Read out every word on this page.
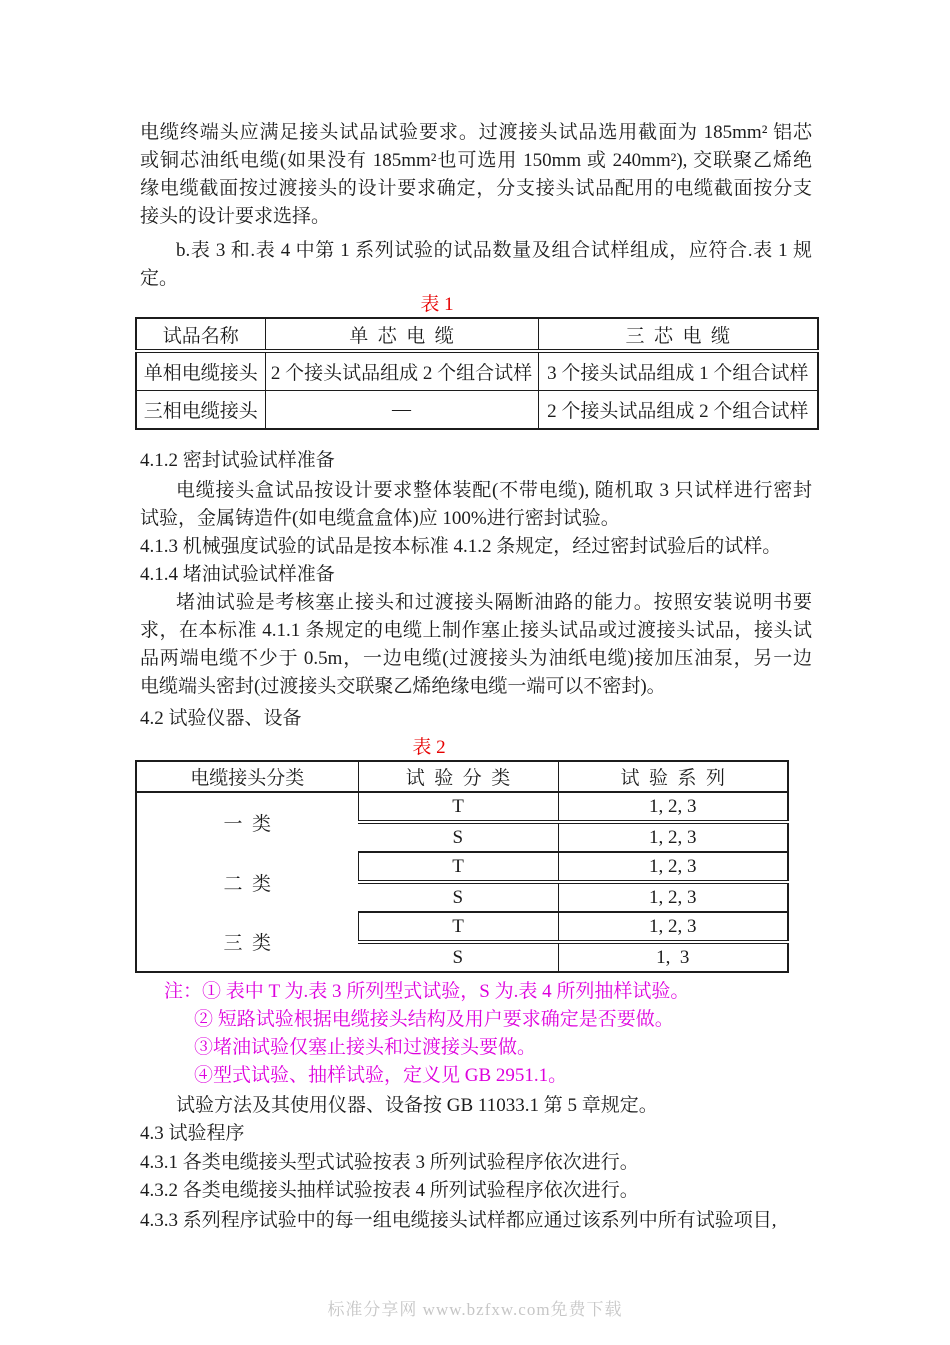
电缆终端头应满足接头试品试验要求。过渡接头试品选用截面为 185mm² 铝芯
或铜芯油纸电缆(如果没有 185mm²也可选用 150mm 或 240mm²), 交联聚乙烯绝
缘电缆截面按过渡接头的设计要求确定，分支接头试品配用的电缆截面按分支
接头的设计要求选择。
b.表 3 和.表 4 中第 1 系列试验的试品数量及组合试样组成，应符合.表 1 规
定。
表 1
试品名称	单  芯  电  缆	三  芯  电  缆
单相电缆接头	2 个接头试品组成 2 个组合试样	3 个接头试品组成 1 个组合试样
三相电缆接头	—	2 个接头试品组成 2 个组合试样
4.1.2 密封试验试样准备
电缆接头盒试品按设计要求整体装配(不带电缆), 随机取 3 只试样进行密封
试验，金属铸造件(如电缆盒盒体)应 100%进行密封试验。
4.1.3 机械强度试验的试品是按本标准 4.1.2 条规定，经过密封试验后的试样。
4.1.4 堵油试验试样准备
堵油试验是考核塞止接头和过渡接头隔断油路的能力。按照安装说明书要
求，在本标准 4.1.1 条规定的电缆上制作塞止接头试品或过渡接头试品，接头试
品两端电缆不少于 0.5m，一边电缆(过渡接头为油纸电缆)接加压油泵，另一边
电缆端头密封(过渡接头交联聚乙烯绝缘电缆一端可以不密封)。
4.2 试验仪器、设备
表 2
电缆接头分类	试  验  分  类	试  验  系  列
一  类	T	1, 2, 3
	S	1, 2, 3
二  类	T	1, 2, 3
	S	1, 2, 3
三  类	T	1, 2, 3
	S	1,  3
注：① 表中 T 为.表 3 所列型式试验，S 为.表 4 所列抽样试验。
② 短路试验根据电缆接头结构及用户要求确定是否要做。
③堵油试验仅塞止接头和过渡接头要做。
④型式试验、抽样试验，定义见 GB 2951.1。
试验方法及其使用仪器、设备按 GB 11033.1 第 5 章规定。
4.3 试验程序
4.3.1 各类电缆接头型式试验按表 3 所列试验程序依次进行。
4.3.2 各类电缆接头抽样试验按表 4 所列试验程序依次进行。
4.3.3 系列程序试验中的每一组电缆接头试样都应通过该系列中所有试验项目,
标准分享网 www.bzfxw.com免费下载
